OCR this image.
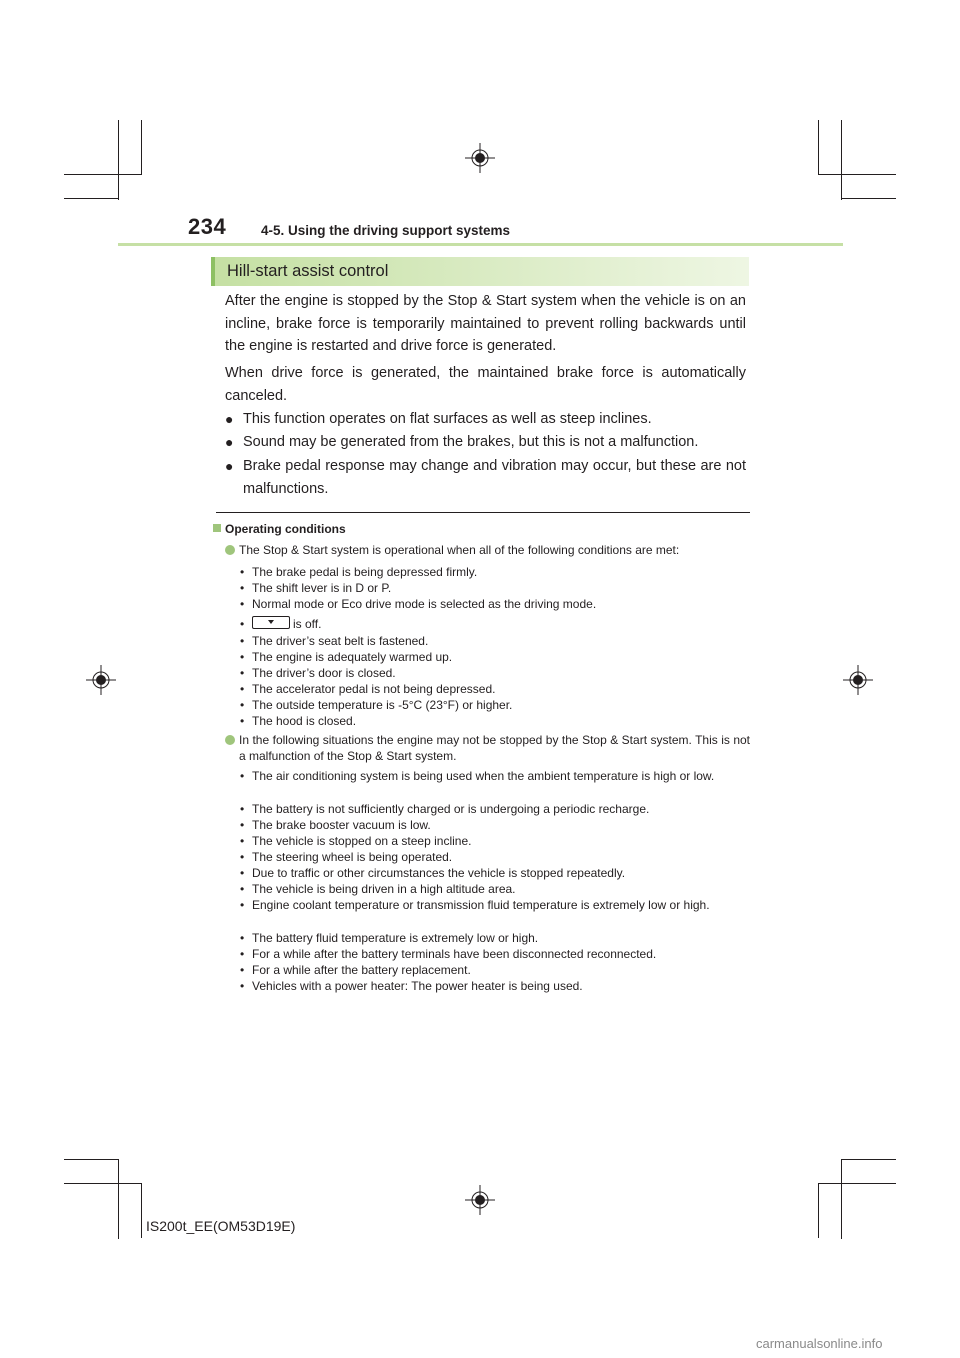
234	4-5. Using the driving support systems
Hill-start assist control
After the engine is stopped by the Stop & Start system when the vehicle is on an incline, brake force is temporarily maintained to prevent rolling backwards until the engine is restarted and drive force is generated.
When drive force is generated, the maintained brake force is automatically canceled.
● This function operates on flat surfaces as well as steep inclines.
● Sound may be generated from the brakes, but this is not a malfunction.
● Brake pedal response may change and vibration may occur, but these are not malfunctions.
Operating conditions
The Stop & Start system is operational when all of the following conditions are met:
• The brake pedal is being depressed firmly.
• The shift lever is in D or P.
• Normal mode or Eco drive mode is selected as the driving mode.
•	is off.
• The driver’s seat belt is fastened.
• The engine is adequately warmed up.
• The driver’s door is closed.
• The accelerator pedal is not being depressed.
• The outside temperature is -5°C (23°F) or higher.
• The hood is closed.
In the following situations the engine may not be stopped by the Stop & Start system. This is not a malfunction of the Stop & Start system.
• The air conditioning system is being used when the ambient temperature is high or low.
• The battery is not sufficiently charged or is undergoing a periodic recharge.
• The brake booster vacuum is low.
• The vehicle is stopped on a steep incline.
• The steering wheel is being operated.
• Due to traffic or other circumstances the vehicle is stopped repeatedly.
• The vehicle is being driven in a high altitude area.
• Engine coolant temperature or transmission fluid temperature is extremely low or high.
• The battery fluid temperature is extremely low or high.
• For a while after the battery terminals have been disconnected reconnected.
• For a while after the battery replacement.
• Vehicles with a power heater: The power heater is being used.
IS200t_EE(OM53D19E)
carmanualsonline.info
